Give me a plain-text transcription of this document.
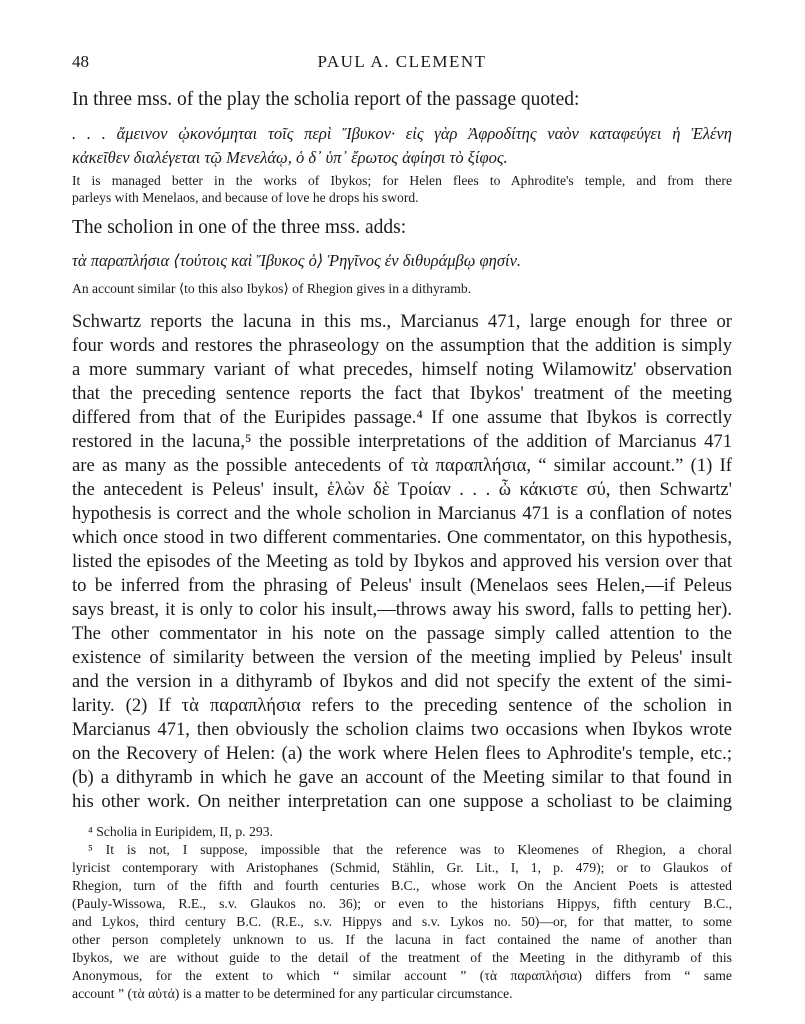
48	PAUL A. CLEMENT
In three mss. of the play the scholia report of the passage quoted:
. . . ἄμεινον ᾠκονόμηται τοῖς περὶ Ἴβυκον· εἰς γὰρ Ἀφροδίτης ναὸν καταφεύγει ἡ Ἑλένη
κἀκεῖθεν διαλέγεται τῷ Μενελάῳ, ὁ δ᾽ ὑπ᾽ ἔρωτος ἀφίησι τὸ ξίφος.
It is managed better in the works of Ibykos; for Helen flees to Aphrodite's temple, and from there
parleys with Menelaos, and because of love he drops his sword.
The scholion in one of the three mss. adds:
τὰ παραπλήσια ⟨τούτοις καὶ Ἴβυκος ὁ⟩ Ῥηγῖνος ἐν διθυράμβῳ φησίν.
An account similar ⟨to this also Ibykos⟩ of Rhegion gives in a dithyramb.
Schwartz reports the lacuna in this ms., Marcianus 471, large enough for three or
four words and restores the phraseology on the assumption that the addition is simply
a more summary variant of what precedes, himself noting Wilamowitz' observation
that the preceding sentence reports the fact that Ibykos' treatment of the meeting
differed from that of the Euripides passage.⁴ If one assume that Ibykos is correctly
restored in the lacuna,⁵ the possible interpretations of the addition of Marcianus 471
are as many as the possible antecedents of τὰ παραπλήσια, “ similar account.” (1) If
the antecedent is Peleus' insult, ἑλὼν δὲ Τροίαν . . . ὦ κάκιστε σύ, then Schwartz'
hypothesis is correct and the whole scholion in Marcianus 471 is a conflation of notes
which once stood in two different commentaries. One commentator, on this hypothesis,
listed the episodes of the Meeting as told by Ibykos and approved his version over that
to be inferred from the phrasing of Peleus' insult (Menelaos sees Helen,—if Peleus
says breast, it is only to color his insult,—throws away his sword, falls to petting her).
The other commentator in his note on the passage simply called attention to the
existence of similarity between the version of the meeting implied by Peleus' insult
and the version in a dithyramb of Ibykos and did not specify the extent of the simi-
larity. (2) If τὰ παραπλήσια refers to the preceding sentence of the scholion in
Marcianus 471, then obviously the scholion claims two occasions when Ibykos wrote
on the Recovery of Helen: (a) the work where Helen flees to Aphrodite's temple, etc.;
(b) a dithyramb in which he gave an account of the Meeting similar to that found in
his other work. On neither interpretation can one suppose a scholiast to be claiming
⁴ Scholia in Euripidem, II, p. 293.
⁵ It is not, I suppose, impossible that the reference was to Kleomenes of Rhegion, a choral
lyricist contemporary with Aristophanes (Schmid, Stählin, Gr. Lit., I, 1, p. 479); or to Glaukos of
Rhegion, turn of the fifth and fourth centuries B.C., whose work On the Ancient Poets is attested
(Pauly-Wissowa, R.E., s.v. Glaukos no. 36); or even to the historians Hippys, fifth century B.C.,
and Lykos, third century B.C. (R.E., s.v. Hippys and s.v. Lykos no. 50)—or, for that matter, to some
other person completely unknown to us. If the lacuna in fact contained the name of another than
Ibykos, we are without guide to the detail of the treatment of the Meeting in the dithyramb of this
Anonymous, for the extent to which “ similar account ” (τὰ παραπλήσια) differs from “ same
account ” (τὰ αὐτά) is a matter to be determined for any particular circumstance.
